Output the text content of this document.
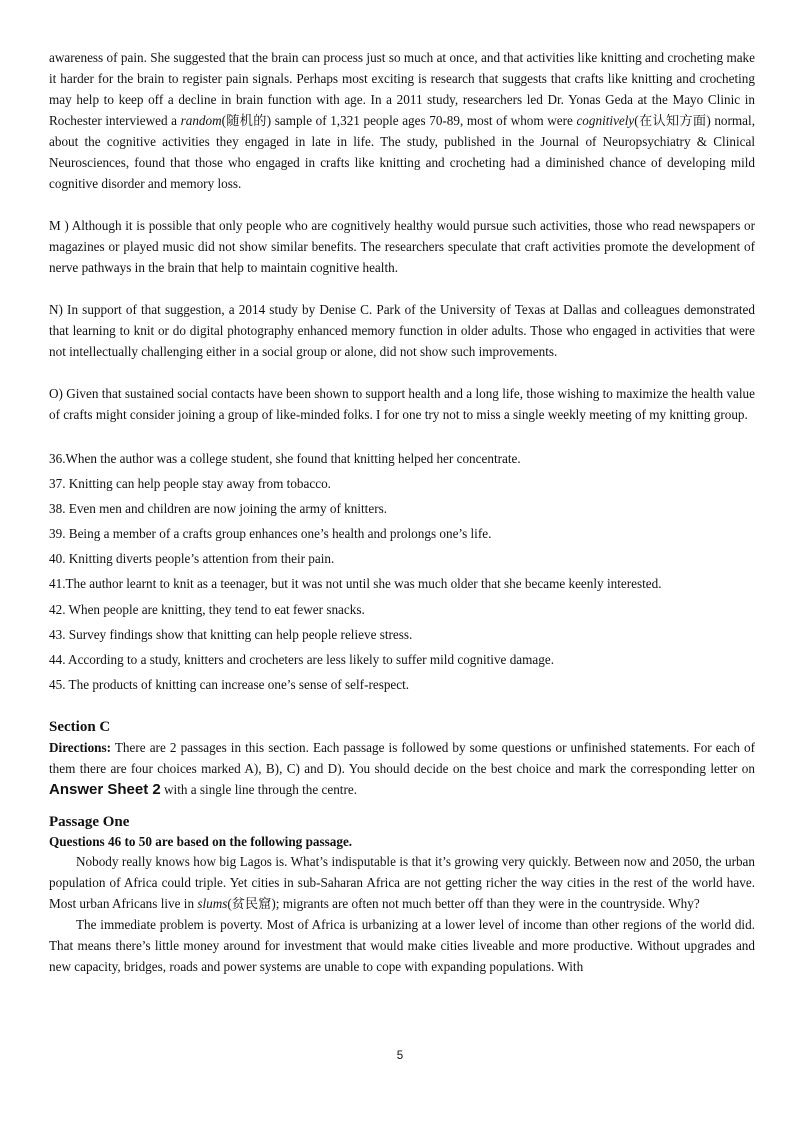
awareness of pain. She suggested that the brain can process just so much at once, and that activities like knitting and crocheting make it harder for the brain to register pain signals. Perhaps most exciting is research that suggests that crafts like knitting and crocheting may help to keep off a decline in brain function with age. In a 2011 study, researchers led Dr. Yonas Geda at the Mayo Clinic in Rochester interviewed a random(随机的) sample of 1,321 people ages 70-89, most of whom were cognitively(在认知方面) normal, about the cognitive activities they engaged in late in life. The study, published in the Journal of Neuropsychiatry & Clinical Neurosciences, found that those who engaged in crafts like knitting and crocheting had a diminished chance of developing mild cognitive disorder and memory loss.

M ) Although it is possible that only people who are cognitively healthy would pursue such activities, those who read newspapers or magazines or played music did not show similar benefits. The researchers speculate that craft activities promote the development of nerve pathways in the brain that help to maintain cognitive health.

N) In support of that suggestion, a 2014 study by Denise C. Park of the University of Texas at Dallas and colleagues demonstrated that learning to knit or do digital photography enhanced memory function in older adults. Those who engaged in activities that were not intellectually challenging either in a social group or alone, did not show such improvements.

O) Given that sustained social contacts have been shown to support health and a long life, those wishing to maximize the health value of crafts might consider joining a group of like-minded folks. I for one try not to miss a single weekly meeting of my knitting group.

36.When the author was a college student, she found that knitting helped her concentrate.

37. Knitting can help people stay away from tobacco.

38. Even men and children are now joining the army of knitters.

39. Being a member of a crafts group enhances one’s health and prolongs one’s life.

40. Knitting diverts people’s attention from their pain.

41.The author learnt to knit as a teenager, but it was not until she was much older that she became keenly interested.

42. When people are knitting, they tend to eat fewer snacks.

43. Survey findings show that knitting can help people relieve stress.

44. According to a study, knitters and crocheters are less likely to suffer mild cognitive damage.

45. The products of knitting can increase one’s sense of self-respect.

Section C

Directions: There are 2 passages in this section. Each passage is followed by some questions or unfinished statements. For each of them there are four choices marked A), B), C) and D). You should decide on the best choice and mark the corresponding letter on Answer Sheet 2 with a single line through the centre.

Passage One

Questions 46 to 50 are based on the following passage.

Nobody really knows how big Lagos is. What’s indisputable is that it’s growing very quickly. Between now and 2050, the urban population of Africa could triple. Yet cities in sub-Saharan Africa are not getting richer the way cities in the rest of the world have. Most urban Africans live in slums(贫民窟); migrants are often not much better off than they were in the countryside. Why?

The immediate problem is poverty. Most of Africa is urbanizing at a lower level of income than other regions of the world did. That means there’s little money around for investment that would make cities liveable and more productive. Without upgrades and new capacity, bridges, roads and power systems are unable to cope with expanding populations. With

5
